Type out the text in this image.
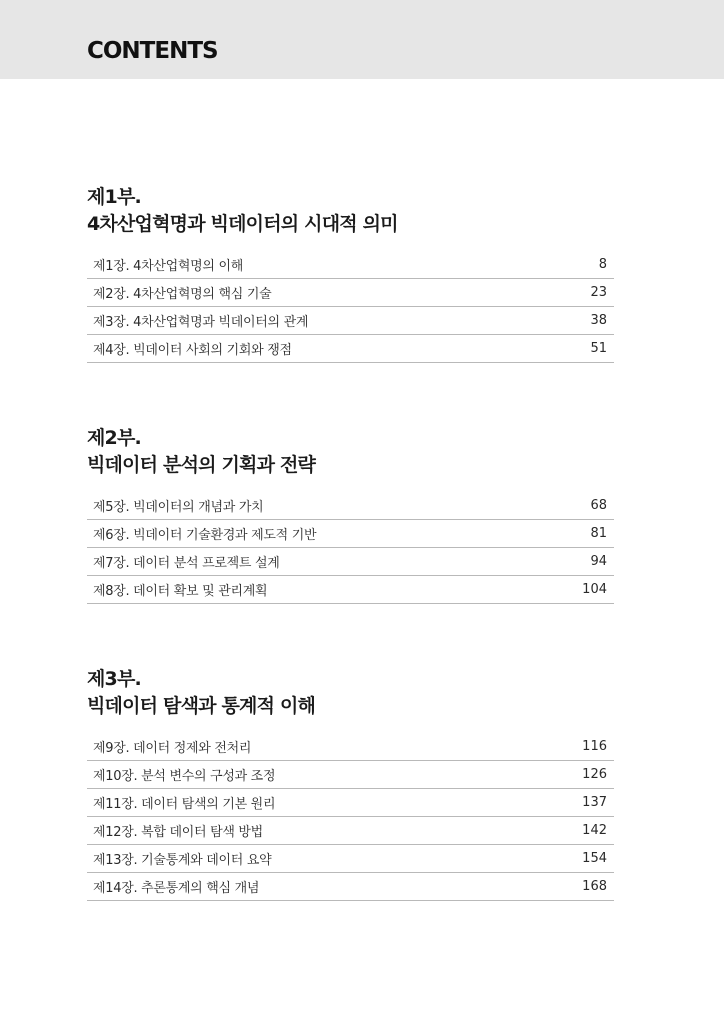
CONTENTS
제1부.
4차산업혁명과 빅데이터의 시대적 의미
제1장. 4차산업혁명의 이해	8
제2장. 4차산업혁명의 핵심 기술	23
제3장. 4차산업혁명과 빅데이터의 관계	38
제4장. 빅데이터 사회의 기회와 쟁점	51
제2부.
빅데이터 분석의 기획과 전략
제5장. 빅데이터의 개념과 가치	68
제6장. 빅데이터 기술환경과 제도적 기반	81
제7장. 데이터 분석 프로젝트 설계	94
제8장. 데이터 확보 및 관리계획	104
제3부.
빅데이터 탐색과 통계적 이해
제9장. 데이터 정제와 전처리	116
제10장. 분석 변수의 구성과 조정	126
제11장. 데이터 탐색의 기본 원리	137
제12장. 복합 데이터 탐색 방법	142
제13장. 기술통계와 데이터 요약	154
제14장. 추론통계의 핵심 개념	168
